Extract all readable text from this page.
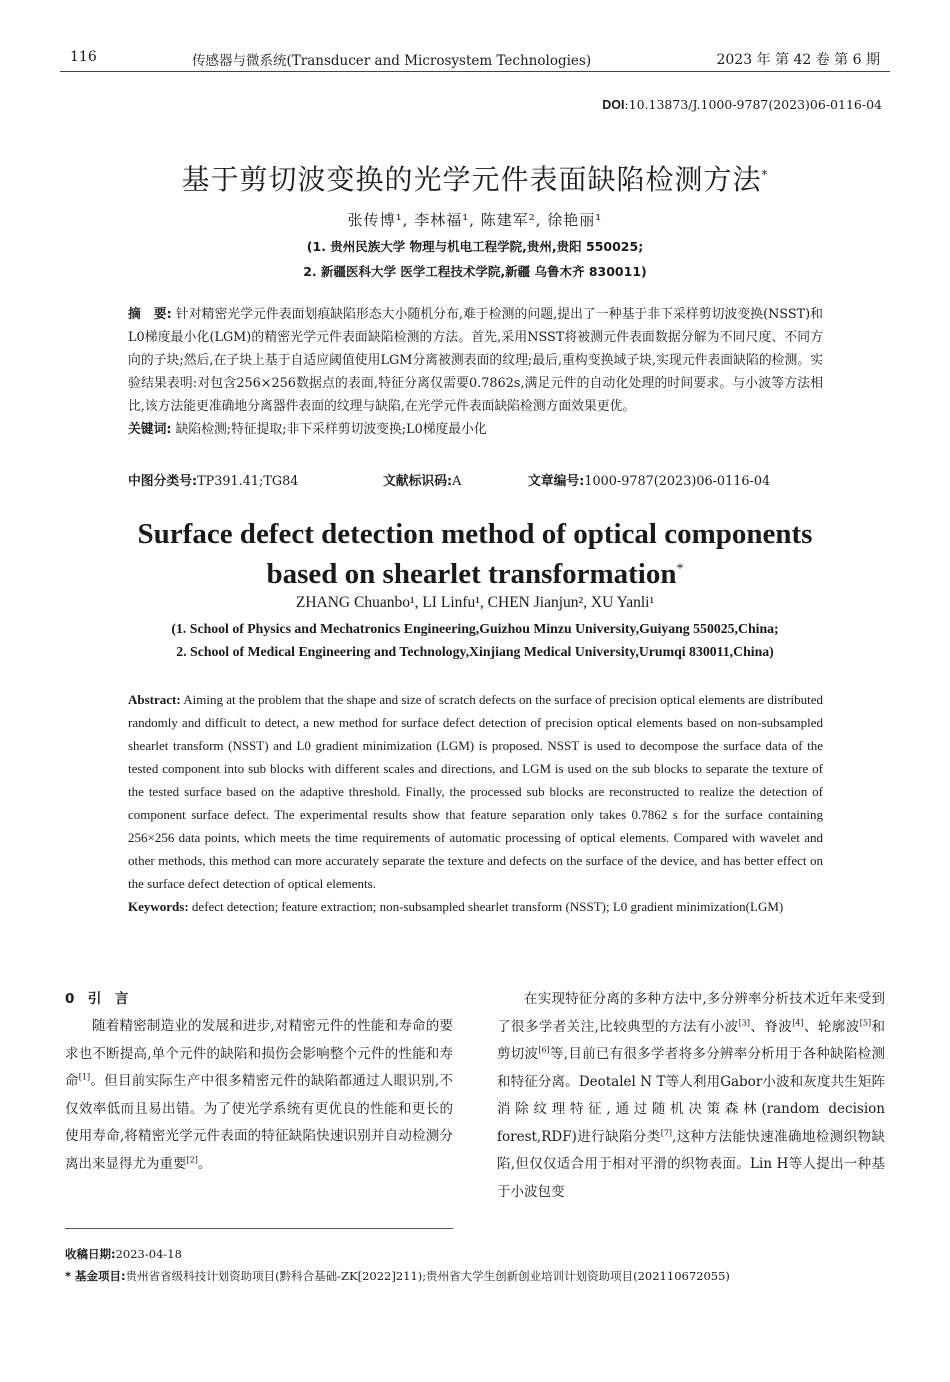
116	传感器与微系统(Transducer and Microsystem Technologies)	2023 年 第 42 卷 第 6 期
DOI:10.13873/J.1000-9787(2023)06-0116-04
基于剪切波变换的光学元件表面缺陷检测方法*
张传博¹, 李林福¹, 陈建军², 徐艳丽¹
(1. 贵州民族大学 物理与机电工程学院,贵州,贵阳 550025;
2. 新疆医科大学 医学工程技术学院,新疆 乌鲁木齐 830011)
摘　要: 针对精密光学元件表面划痕缺陷形态大小随机分布,难于检测的问题,提出了一种基于非下采样剪切波变换(NSST)和L0梯度最小化(LGM)的精密光学元件表面缺陷检测的方法。首先,采用NSST将被测元件表面数据分解为不同尺度、不同方向的子块;然后,在子块上基于自适应阈值使用LGM分离被测表面的纹理;最后,重构变换域子块,实现元件表面缺陷的检测。实验结果表明:对包含256×256数据点的表面,特征分离仅需要0.7862s,满足元件的自动化处理的时间要求。与小波等方法相比,该方法能更准确地分离器件表面的纹理与缺陷,在光学元件表面缺陷检测方面效果更优。
关键词: 缺陷检测;特征提取;非下采样剪切波变换;L0梯度最小化
中图分类号:TP391.41;TG84	文献标识码:A	文章编号:1000-9787(2023)06-0116-04
Surface defect detection method of optical components
based on shearlet transformation*
ZHANG Chuanbo¹, LI Linfu¹, CHEN Jianjun², XU Yanli¹
(1. School of Physics and Mechatronics Engineering,Guizhou Minzu University,Guiyang 550025,China;
2. School of Medical Engineering and Technology,Xinjiang Medical University,Urumqi 830011,China)
Abstract: Aiming at the problem that the shape and size of scratch defects on the surface of precision optical elements are distributed randomly and difficult to detect, a new method for surface defect detection of precision optical elements based on non-subsampled shearlet transform (NSST) and L0 gradient minimization (LGM) is proposed. NSST is used to decompose the surface data of the tested component into sub blocks with different scales and directions, and LGM is used on the sub blocks to separate the texture of the tested surface based on the adaptive threshold. Finally, the processed sub blocks are reconstructed to realize the detection of component surface defect. The experimental results show that feature separation only takes 0.7862 s for the surface containing 256×256 data points, which meets the time requirements of automatic processing of optical elements. Compared with wavelet and other methods, this method can more accurately separate the texture and defects on the surface of the device, and has better effect on the surface defect detection of optical elements.
Keywords: defect detection; feature extraction; non-subsampled shearlet transform (NSST); L0 gradient minimization(LGM)
0　引　言

随着精密制造业的发展和进步,对精密元件的性能和寿命的要求也不断提高,单个元件的缺陷和损伤会影响整个元件的性能和寿命[1]。但目前实际生产中很多精密元件的缺陷都通过人眼识别,不仅效率低而且易出错。为了使光学系统有更优良的性能和更长的使用寿命,将精密光学元件表面的特征缺陷快速识别并自动检测分离出来显得尤为重要[2]。

在实现特征分离的多种方法中,多分辨率分析技术近年来受到了很多学者关注,比较典型的方法有小波[3]、脊波[4]、轮廓波[5]和剪切波[6]等,目前已有很多学者将多分辨率分析用于各种缺陷检测和特征分离。Deotalel N T等人利用Gabor小波和灰度共生矩阵消除纹理特征,通过随机决策森林(random decision forest,RDF)进行缺陷分类[7],这种方法能快速准确地检测织物缺陷,但仅仅适合用于相对平滑的织物表面。Lin H等人提出一种基于小波包变

收稿日期:2023-04-18
* 基金项目:贵州省省级科技计划资助项目(黔科合基础-ZK[2022]211);贵州省大学生创新创业培训计划资助项目(202110672055)
